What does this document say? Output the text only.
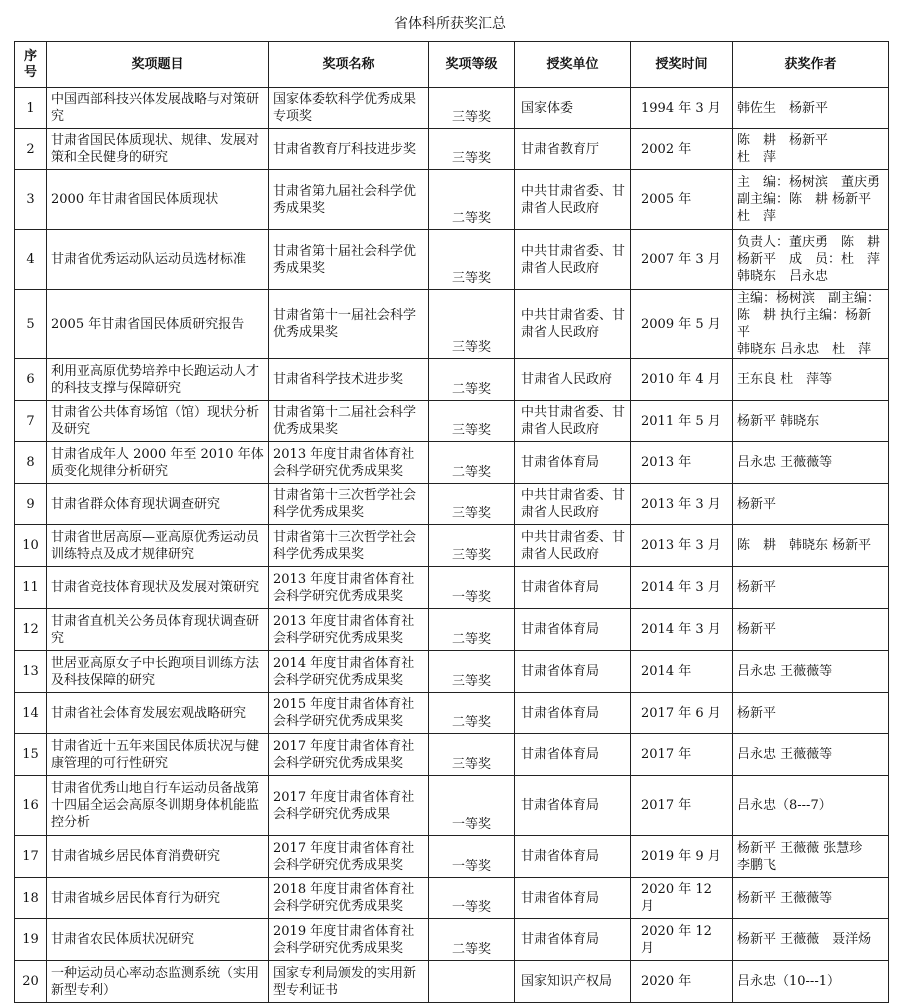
省体科所获奖汇总
序号	奖项题目	奖项名称	奖项等级	授奖单位	授奖时间	获奖作者
1	中国西部科技兴体发展战略与对策研究	国家体委软科学优秀成果专项奖	三等奖	国家体委	1994 年 3 月	韩佐生　杨新平
2	甘肃省国民体质现状、规律、发展对策和全民健身的研究	甘肃省教育厅科技进步奖	三等奖	甘肃省教育厅	2002 年	陈　耕　杨新平
杜　萍
3	2000 年甘肃省国民体质现状	甘肃省第九届社会科学优秀成果奖	二等奖	中共甘肃省委、甘肃省人民政府	2005 年	主　编：杨树滨　董庆勇
副主编：陈　耕 杨新平
杜　萍
4	甘肃省优秀运动队运动员选材标准	甘肃省第十届社会科学优秀成果奖	三等奖	中共甘肃省委、甘肃省人民政府	2007 年 3 月	负责人：董庆勇　陈　耕
杨新平　成　员：杜　萍
韩晓东　吕永忠
5	2005 年甘肃省国民体质研究报告	甘肃省第十一届社会科学优秀成果奖	三等奖	中共甘肃省委、甘肃省人民政府	2009 年 5 月	主编：杨树滨　副主编：
陈　耕 执行主编：杨新平
韩晓东 吕永忠　杜　萍
6	利用亚高原优势培养中长跑运动人才的科技支撑与保障研究	甘肃省科学技术进步奖	二等奖	甘肃省人民政府	2010 年 4 月	王东良 杜　萍等
7	甘肃省公共体育场馆（馆）现状分析及研究	甘肃省第十二届社会科学优秀成果奖	三等奖	中共甘肃省委、甘肃省人民政府	2011 年 5 月	杨新平 韩晓东
8	甘肃省成年人 2000 年至 2010 年体质变化规律分析研究	2013 年度甘肃省体育社会科学研究优秀成果奖	二等奖	甘肃省体育局	2013 年	吕永忠 王薇薇等
9	甘肃省群众体育现状调查研究	甘肃省第十三次哲学社会科学优秀成果奖	三等奖	中共甘肃省委、甘肃省人民政府	2013 年 3 月	杨新平
10	甘肃省世居高原—亚高原优秀运动员训练特点及成才规律研究	甘肃省第十三次哲学社会科学优秀成果奖	三等奖	中共甘肃省委、甘肃省人民政府	2013 年 3 月	陈　耕　韩晓东 杨新平
11	甘肃省竞技体育现状及发展对策研究	2013 年度甘肃省体育社会科学研究优秀成果奖	一等奖	甘肃省体育局	2014 年 3 月	杨新平
12	甘肃省直机关公务员体育现状调查研究	2013 年度甘肃省体育社会科学研究优秀成果奖	二等奖	甘肃省体育局	2014 年 3 月	杨新平
13	世居亚高原女子中长跑项目训练方法及科技保障的研究	2014 年度甘肃省体育社会科学研究优秀成果奖	三等奖	甘肃省体育局	2014 年	吕永忠 王薇薇等
14	甘肃省社会体育发展宏观战略研究	2015 年度甘肃省体育社会科学研究优秀成果奖	二等奖	甘肃省体育局	2017 年 6 月	杨新平
15	甘肃省近十五年来国民体质状况与健康管理的可行性研究	2017 年度甘肃省体育社会科学研究优秀成果奖	三等奖	甘肃省体育局	2017 年	吕永忠 王薇薇等
16	甘肃省优秀山地自行车运动员备战第十四届全运会高原冬训期身体机能监控分析	2017 年度甘肃省体育社会科学研究优秀成果	一等奖	甘肃省体育局	2017 年	吕永忠（8---7）
17	甘肃省城乡居民体育消费研究	2017 年度甘肃省体育社会科学研究优秀成果奖	一等奖	甘肃省体育局	2019 年 9 月	杨新平 王薇薇 张慧珍
李鹏飞
18	甘肃省城乡居民体育行为研究	2018 年度甘肃省体育社会科学研究优秀成果奖	一等奖	甘肃省体育局	2020 年 12 月	杨新平 王薇薇等
19	甘肃省农民体质状况研究	2019 年度甘肃省体育社会科学研究优秀成果奖	二等奖	甘肃省体育局	2020 年 12 月	杨新平 王薇薇　聂洋炀
20	一种运动员心率动态监测系统（实用新型专利）	国家专利局颁发的实用新型专利证书		国家知识产权局	2020 年	吕永忠（10---1）
